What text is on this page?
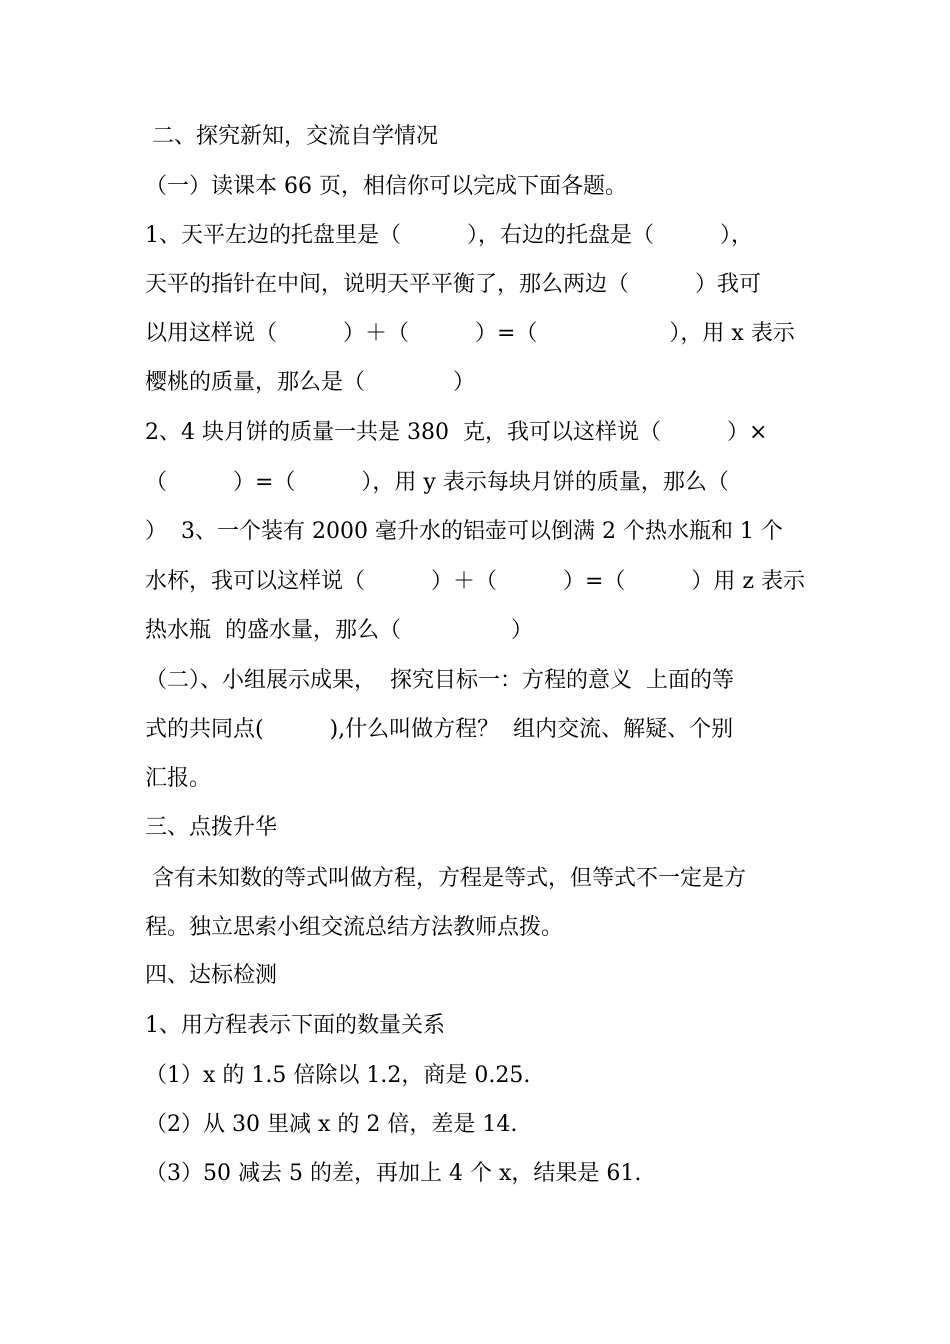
二、探究新知，交流自学情况
（一）读课本 66 页，相信你可以完成下面各题。
1、天平左边的托盘里是（　　　），右边的托盘是（　　　），
天平的指针在中间，说明天平平衡了，那么两边（　　　）我可
以用这样说（　　　）＋（　　　）=（　　　　　　），用 x 表示
樱桃的质量，那么是（　　　　）
2、4 块月饼的质量一共是 380  克，我可以这样说（　　　）×
（　　　）=（　　　），用 y 表示每块月饼的质量，那么（
）  3、一个装有 2000 毫升水的铝壶可以倒满 2 个热水瓶和 1 个
水杯，我可以这样说（　　　）＋（　　　）=（　　　）用 z 表示
热水瓶  的盛水量，那么（　　　　　）
（二）、小组展示成果，  探究目标一：方程的意义  上面的等
式的共同点(　　　),什么叫做方程？  组内交流、解疑、个别
汇报。
三、点拨升华
含有未知数的等式叫做方程，方程是等式，但等式不一定是方
程。独立思索小组交流总结方法教师点拨。
四、达标检测
1、用方程表示下面的数量关系
（1）x 的 1.5 倍除以 1.2，商是 0.25.
（2）从 30 里减 x 的 2 倍，差是 14.
（3）50 减去 5 的差，再加上 4 个 x，结果是 61.
